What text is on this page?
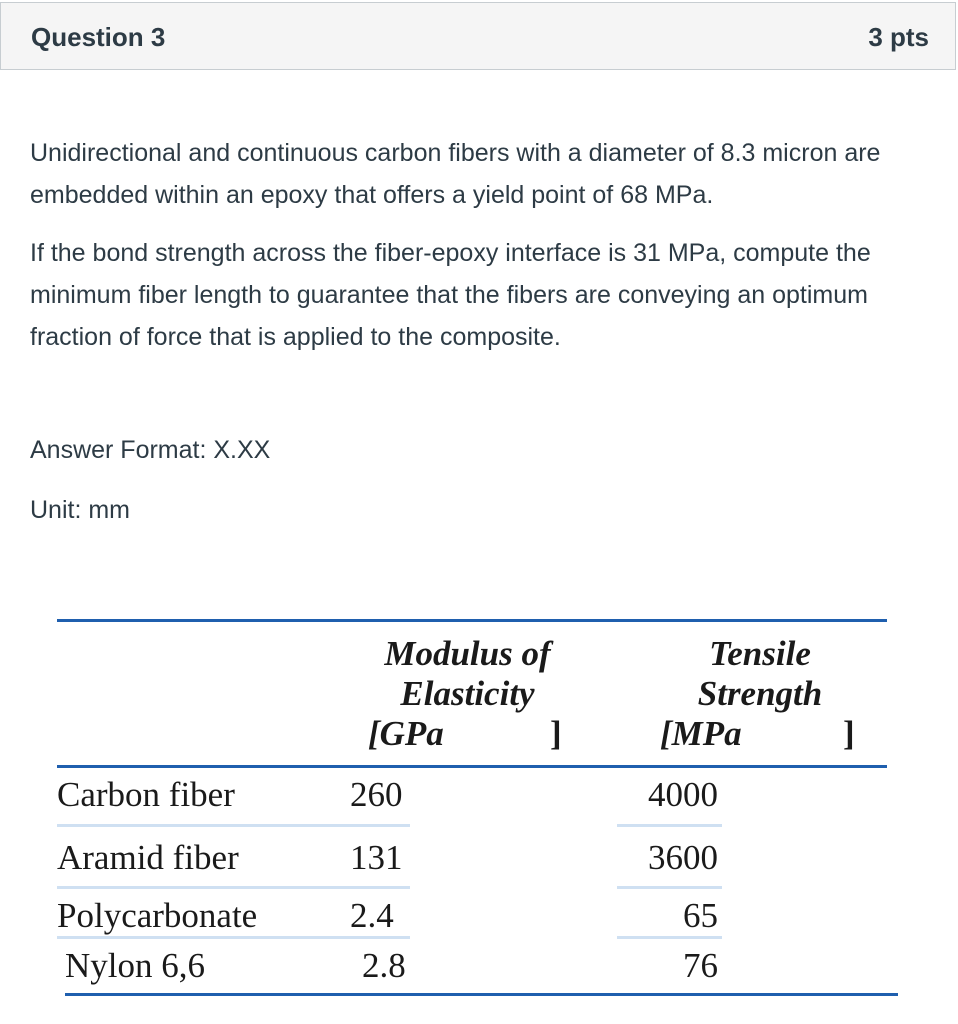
Question 3	3 pts

Unidirectional and continuous carbon fibers with a diameter of 8.3 micron are embedded within an epoxy that offers a yield point of 68 MPa.

If the bond strength across the fiber-epoxy interface is 31 MPa, compute the minimum fiber length to guarantee that the fibers are conveying an optimum fraction of force that is applied to the composite.

Answer Format: X.XX

Unit: mm

Modulus of
Elasticity
[GPa	]
Tensile
Strength
[MPa	]
Carbon fiber	260	4000
Aramid fiber	131	3600
Polycarbonate	2.4	65
Nylon 6,6	2.8	76
